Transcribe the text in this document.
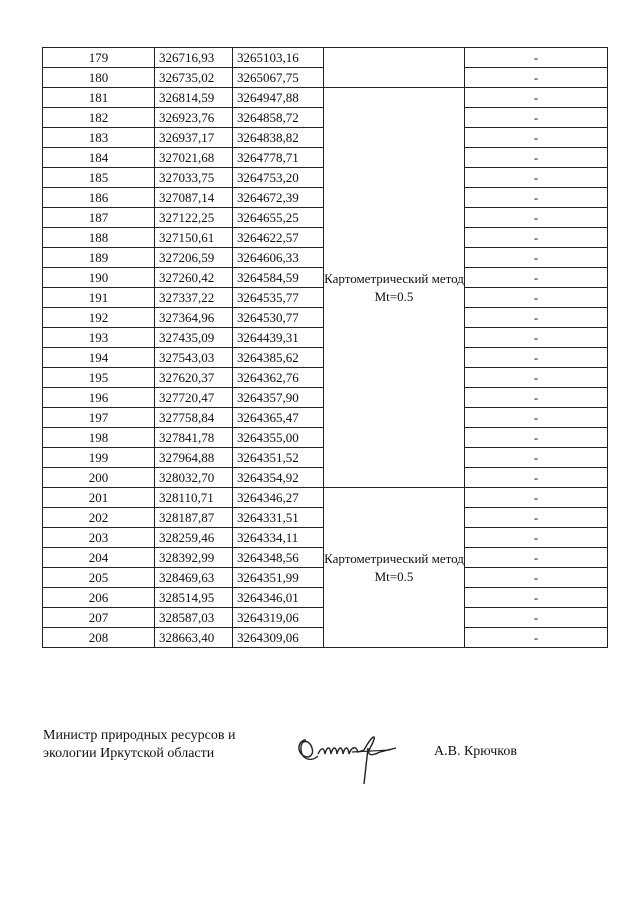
179	326716,93	3265103,16		-
180	326735,02	3265067,75		-
181	326814,59	3264947,88	Картометрический метод Mt=0.5	-
182	326923,76	3264858,72		-
183	326937,17	3264838,82		-
184	327021,68	3264778,71		-
185	327033,75	3264753,20		-
186	327087,14	3264672,39		-
187	327122,25	3264655,25		-
188	327150,61	3264622,57		-
189	327206,59	3264606,33		-
190	327260,42	3264584,59		-
191	327337,22	3264535,77		-
192	327364,96	3264530,77		-
193	327435,09	3264439,31		-
194	327543,03	3264385,62		-
195	327620,37	3264362,76		-
196	327720,47	3264357,90		-
197	327758,84	3264365,47		-
198	327841,78	3264355,00		-
199	327964,88	3264351,52		-
200	328032,70	3264354,92		-
201	328110,71	3264346,27	Картометрический метод Mt=0.5	-
202	328187,87	3264331,51		-
203	328259,46	3264334,11		-
204	328392,99	3264348,56		-
205	328469,63	3264351,99		-
206	328514,95	3264346,01		-
207	328587,03	3264319,06		-
208	328663,40	3264309,06		-
Министр природных ресурсов и
экологии Иркутской области	А.В. Крючков
